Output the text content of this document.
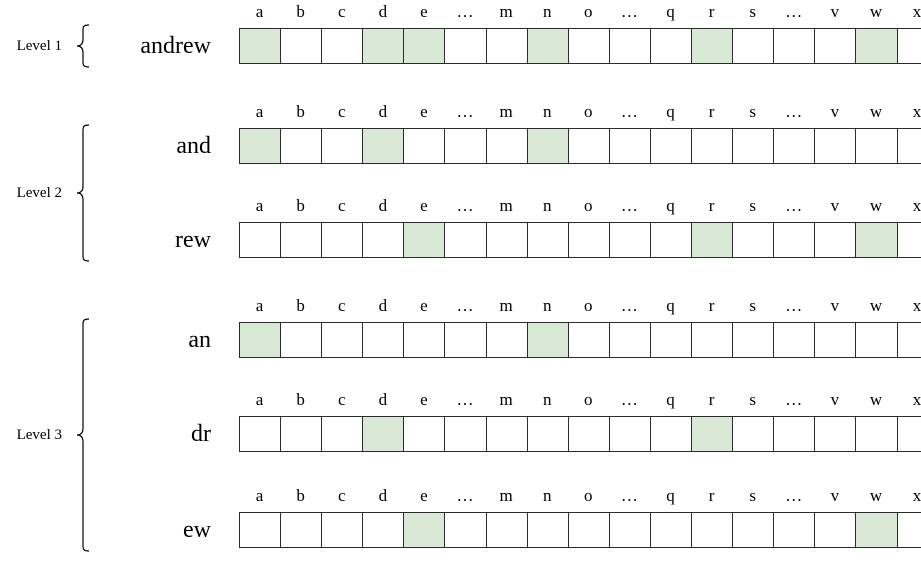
a	b	c	d	e	…	m	n	o	…	q	r	s	…	v	w	x
andrew
a	b	c	d	e	…	m	n	o	…	q	r	s	…	v	w	x
and
a	b	c	d	e	…	m	n	o	…	q	r	s	…	v	w	x
rew
a	b	c	d	e	…	m	n	o	…	q	r	s	…	v	w	x
an
a	b	c	d	e	…	m	n	o	…	q	r	s	…	v	w	x
dr
a	b	c	d	e	…	m	n	o	…	q	r	s	…	v	w	x
ew
Level 1
Level 2
Level 3
